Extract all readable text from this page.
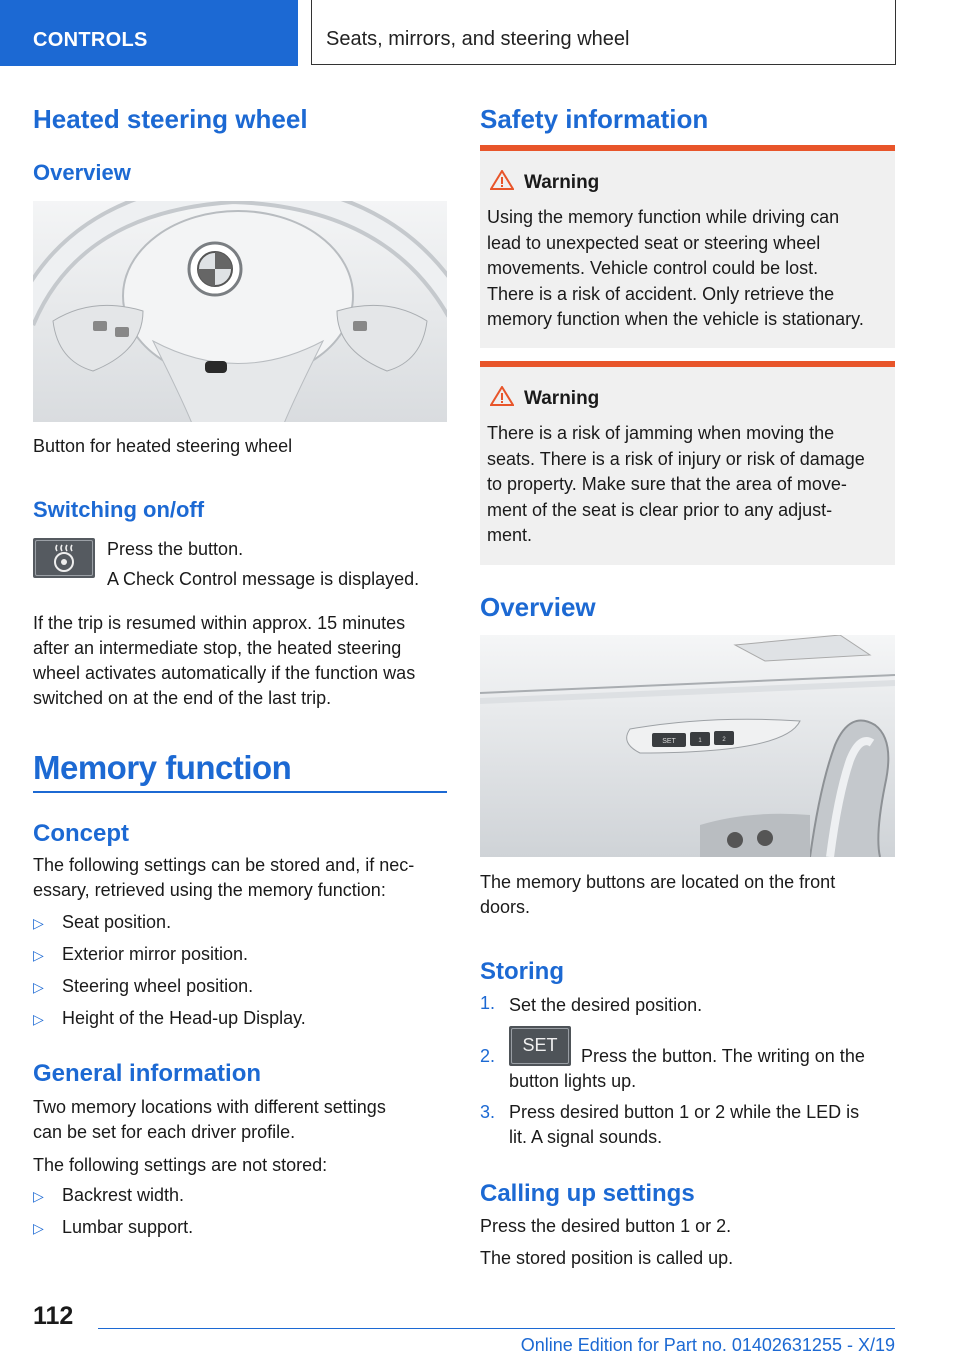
CONTROLS	Seats, mirrors, and steering wheel
Heated steering wheel
Overview

Button for heated steering wheel

Switching on/off

Press the button.

A Check Control message is displayed.

If the trip is resumed within approx. 15 minutes

after an intermediate stop, the heated steering

wheel activates automatically if the function was

switched on at the end of the last trip.

Memory function
Concept

The following settings can be stored and, if nec‐

essary, retrieved using the memory function:

▷ Seat position.
▷ Exterior mirror position.
▷ Steering wheel position.
▷ Height of the Head-up Display.
General information

Two memory locations with different settings

can be set for each driver profile.

The following settings are not stored:

▷ Backrest width.
▷ Lumbar support.
Safety information
Warning
Using the memory function while driving can
lead to unexpected seat or steering wheel
movements. Vehicle control could be lost.
There is a risk of accident. Only retrieve the
memory function when the vehicle is stationary.
Warning
There is a risk of jamming when moving the
seats. There is a risk of injury or risk of damage
to property. Make sure that the area of move‐
ment of the seat is clear prior to any adjust‐
ment.
Overview
SET	1	2

The memory buttons are located on the front

doors.

Storing
1. Set the desired position.
2.
SET
Press the button. The writing on the
button lights up.
3. Press desired button 1 or 2 while the LED is
lit. A signal sounds.
Calling up settings

Press the desired button 1 or 2.

The stored position is called up.

112
Online Edition for Part no. 01402631255 - X/19
